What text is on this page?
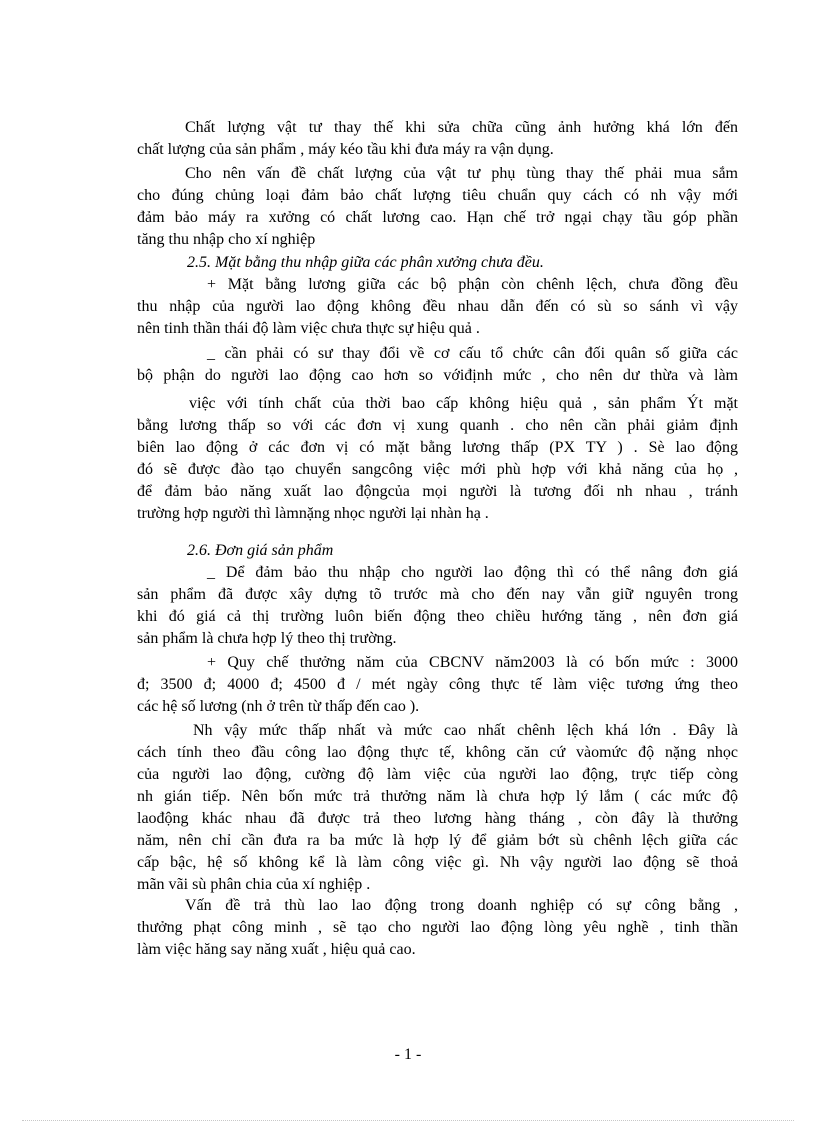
Chất lượng vật tư thay thế khi sửa chữa cũng ảnh hưởng khá lớn đến
chất lượng của sản phẩm , máy kéo tầu khi đưa máy ra vận dụng.
Cho nên vấn đề chất lượng của vật tư phụ tùng thay thế phải mua sắm
cho đúng chủng loại đảm bảo chất lượng tiêu chuẩn quy cách có nh vậy mới
đảm bảo máy ra xưởng có chất lương cao. Hạn chế trở ngại chạy tầu góp phần
tăng thu nhập cho xí nghiệp
2.5. Mặt bằng thu nhập giữa các phân xưởng chưa đều.
+ Mặt bằng lương giữa các bộ phận còn chênh lệch, chưa đồng đều
thu nhập của người lao động không đều nhau dẫn đến có sù so sánh vì vậy
nên tinh thần thái độ làm việc chưa thực sự hiệu quả .
_ cần phải có sư thay đổi về cơ cấu tổ chức cân đối quân số giữa các
bộ phận do người lao động cao hơn so vớiđịnh mức , cho nên dư thừa và làm
việc với tính chất của thời bao cấp không hiệu quả , sản phẩm Ýt mặt
bằng lương thấp so với các đơn vị xung quanh . cho nên cần phải giảm định
biên lao động ở các đơn vị có mặt bằng lương thấp (PX TY ) . Sè lao động
đó sẽ được đào tạo chuyển sangcông việc mới phù hợp với khả năng của họ ,
để đảm bảo năng xuất lao độngcủa mọi người là tương đối nh nhau , tránh
trường hợp người thì làmnặng nhọc người lại nhàn hạ .
2.6. Đơn giá sản phẩm
_ Dể đảm bảo thu nhập cho người lao động thì có thể nâng đơn giá
sản phẩm đã được xây dựng tõ trước mà cho đến nay vẫn giữ nguyên trong
khi đó giá cả thị trường luôn biến động theo chiều hướng tăng , nên đơn giá
sản phẩm là chưa hợp lý theo thị trường.
+ Quy chế thưởng năm của CBCNV năm2003 là có bốn mức : 3000
đ; 3500 đ; 4000 đ; 4500 đ / mét ngày công thực tế làm việc tương ứng theo
các hệ số lương (nh ở trên từ thấp đến cao ).
Nh vậy mức thấp nhất và mức cao nhất chênh lệch khá lớn . Đây là
cách tính theo đầu công lao động thực tế, không căn cứ vàomức độ nặng nhọc
của người lao động, cường độ làm việc của người lao động, trực tiếp còng
nh gián tiếp. Nên bốn mức trả thưởng năm là chưa hợp lý lắm ( các mức độ
laođộng khác nhau đã được trả theo lương hàng tháng , còn đây là thưởng
năm, nên chỉ cần đưa ra ba mức là hợp lý để giảm bớt sù chênh lệch giữa các
cấp bậc, hệ số không kể là làm công việc gì. Nh vậy người lao động sẽ thoả
mãn vãi sù phân chia của xí nghiệp .
Vấn đề trả thù lao lao động trong doanh nghiệp có sự công bằng ,
thưởng phạt công minh , sẽ tạo cho người lao động lòng yêu nghề , tinh thần
làm việc hăng say năng xuất , hiệu quả cao.
- 1 -
